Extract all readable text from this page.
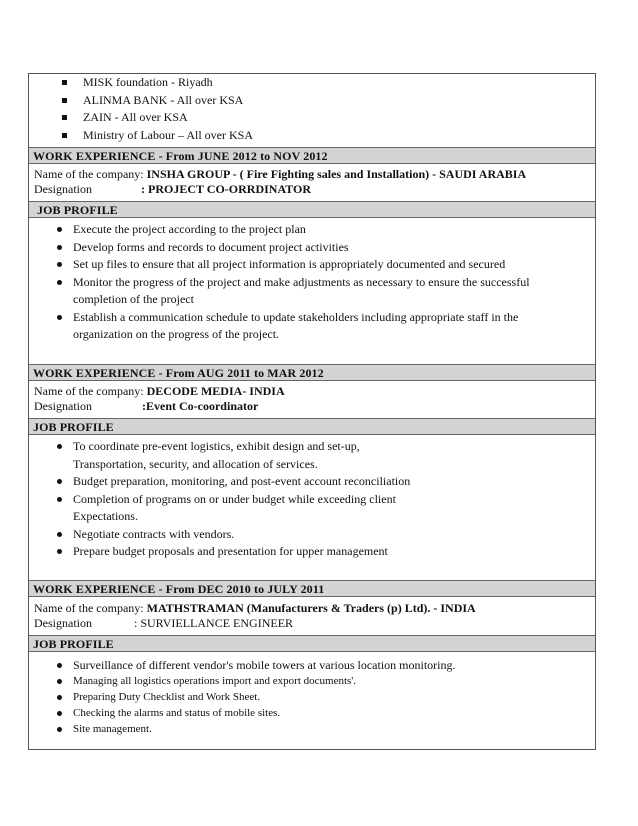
MISK foundation - Riyadh
ALINMA BANK - All over KSA
ZAIN - All over KSA
Ministry of Labour – All over KSA
WORK EXPERIENCE - From JUNE 2012 to NOV 2012
Name of the company: INSHA GROUP - ( Fire Fighting sales and Installation) - SAUDI ARABIA
Designation	: PROJECT CO-ORRDINATOR
JOB PROFILE
Execute the project according to the project plan
Develop forms and records to document project activities
Set up files to ensure that all project information is appropriately documented and secured
Monitor the progress of the project and make adjustments as necessary to ensure the successful
completion of the project
Establish a communication schedule to update stakeholders including appropriate staff in the
organization on the progress of the project.
WORK EXPERIENCE - From AUG 2011 to MAR 2012
Name of the company: DECODE MEDIA- INDIA
Designation	:Event Co-coordinator
JOB PROFILE
To coordinate pre-event logistics, exhibit design and set-up,
Transportation, security, and allocation of services.
Budget preparation, monitoring, and post-event account reconciliation
Completion of programs on or under budget while exceeding client
Expectations.
Negotiate contracts with vendors.
Prepare budget proposals and presentation for upper management
WORK EXPERIENCE - From DEC 2010 to JULY 2011
Name of the company: MATHSTRAMAN (Manufacturers & Traders (p) Ltd). - INDIA
Designation	: SURVIELLANCE ENGINEER
JOB PROFILE
Surveillance of different vendor's mobile towers at various location monitoring.
Managing all logistics operations import and export documents'.
Preparing Duty Checklist and Work Sheet.
Checking the alarms and status of mobile sites.
Site management.
